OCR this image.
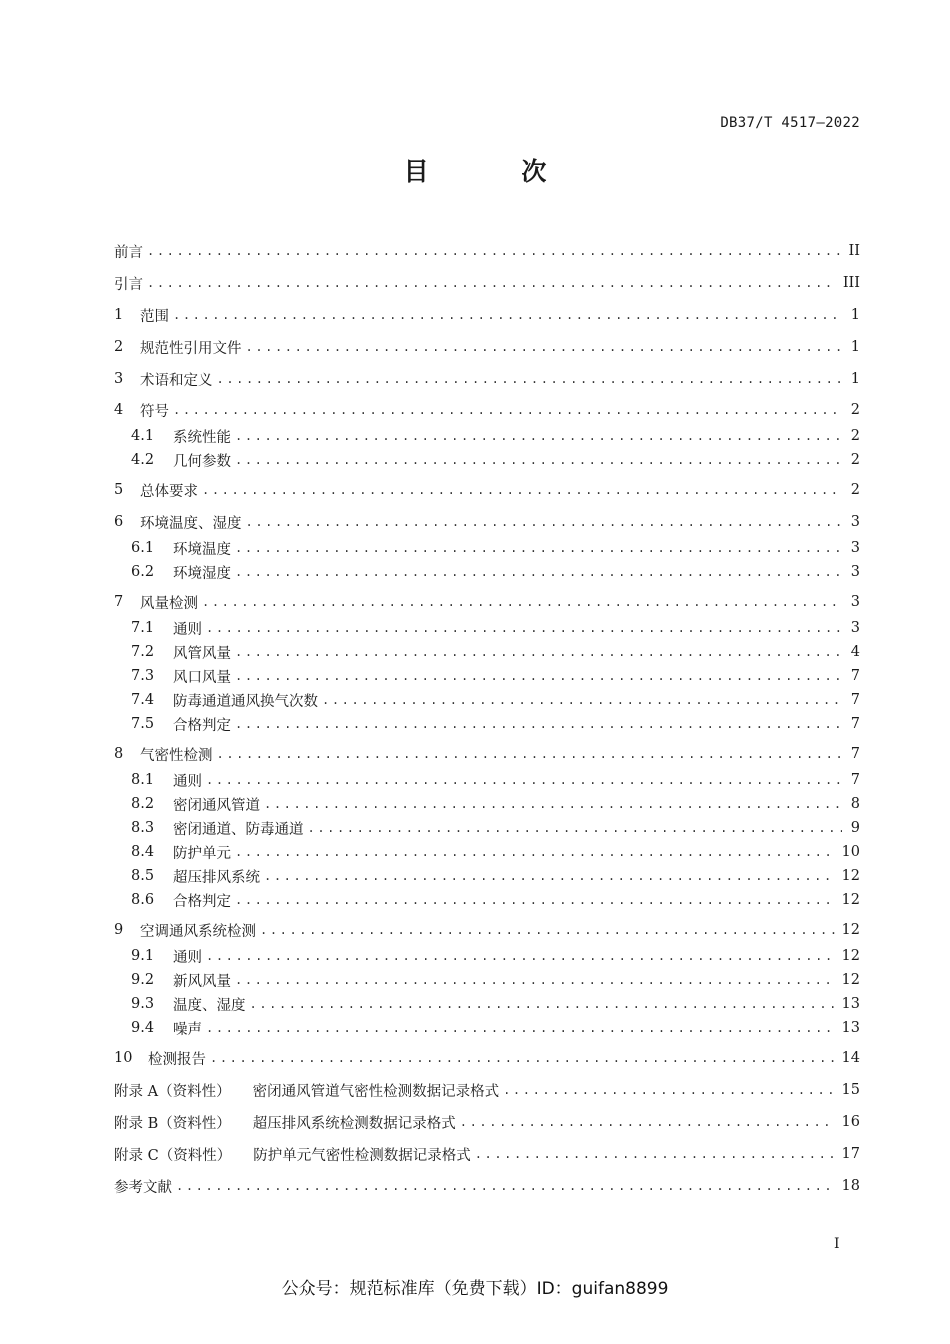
DB37/T 4517—2022
目 次
前言 .....	II
引言 .....	III
1	范围 .....	1
2	规范性引用文件 .....	1
3	术语和定义 .....	1
4	符号 .....	2
4.1	系统性能 .....	2
4.2	几何参数 .....	2
5	总体要求 .....	2
6	环境温度、湿度 .....	3
6.1	环境温度 .....	3
6.2	环境湿度 .....	3
7	风量检测 .....	3
7.1	通则 .....	3
7.2	风管风量 .....	4
7.3	风口风量 .....	7
7.4	防毒通道通风换气次数 .....	7
7.5	合格判定 .....	7
8	气密性检测 .....	7
8.1	通则 .....	7
8.2	密闭通风管道 .....	8
8.3	密闭通道、防毒通道 .....	9
8.4	防护单元 .....	10
8.5	超压排风系统 .....	12
8.6	合格判定 .....	12
9	空调通风系统检测 .....	12
9.1	通则 .....	12
9.2	新风风量 .....	12
9.3	温度、湿度 .....	13
9.4	噪声 .....	13
10	检测报告 .....	14
附录 A（资料性） 密闭通风管道气密性检测数据记录格式 .....	15
附录 B（资料性） 超压排风系统检测数据记录格式 .....	16
附录 C（资料性） 防护单元气密性检测数据记录格式 .....	17
参考文献 .....	18
I
公众号：规范标准库（免费下载）ID：guifan8899
